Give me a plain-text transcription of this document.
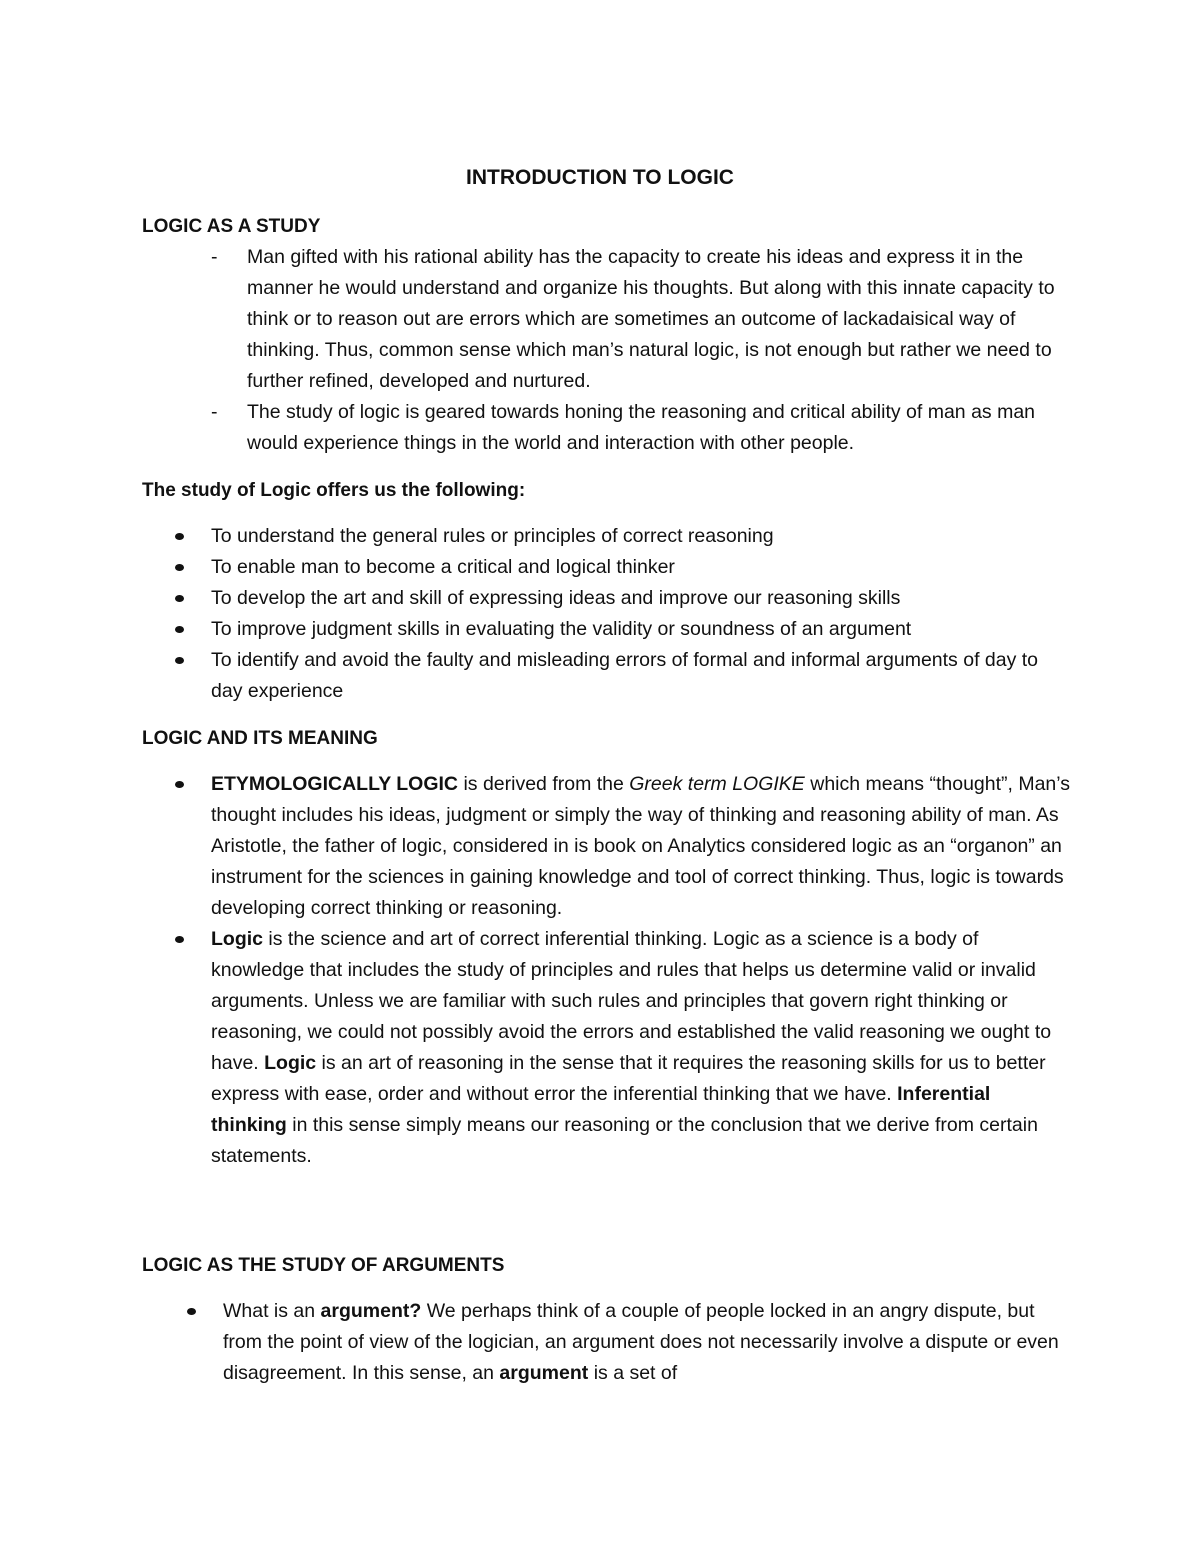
INTRODUCTION TO LOGIC
LOGIC AS A STUDY
-	Man gifted with his rational ability has the capacity to create his ideas and express it in the manner he would understand and organize his thoughts. But along with this innate capacity to think or to reason out are errors which are sometimes an outcome of lackadaisical way of thinking. Thus, common sense which man’s natural logic, is not enough but rather we need to further refined, developed and nurtured.
-	The study of logic is geared towards honing the reasoning and critical ability of man as man would experience things in the world and interaction with other people.
The study of Logic offers us the following:
To understand the general rules or principles of correct reasoning
To enable man to become a critical and logical thinker
To develop the art and skill of expressing ideas and improve our reasoning skills
To improve judgment skills in evaluating the validity or soundness of an argument
To identify and avoid the faulty and misleading errors of formal and informal arguments of day to day experience
LOGIC AND ITS MEANING
ETYMOLOGICALLY LOGIC is derived from the Greek term LOGIKE which means “thought”, Man’s thought includes his ideas, judgment or simply the way of thinking and reasoning ability of man. As Aristotle, the father of logic, considered in is book on Analytics considered logic as an “organon” an instrument for the sciences in gaining knowledge and tool of correct thinking. Thus, logic is towards developing correct thinking or reasoning.
Logic is the science and art of correct inferential thinking. Logic as a science is a body of knowledge that includes the study of principles and rules that helps us determine valid or invalid arguments. Unless we are familiar with such rules and principles that govern right thinking or reasoning, we could not possibly avoid the errors and established the valid reasoning we ought to have. Logic is an art of reasoning in the sense that it requires the reasoning skills for us to better express with ease, order and without error the inferential thinking that we have. Inferential thinking in this sense simply means our reasoning or the conclusion that we derive from certain statements.
LOGIC AS THE STUDY OF ARGUMENTS
What is an argument? We perhaps think of a couple of people locked in an angry dispute, but from the point of view of the logician, an argument does not necessarily involve a dispute or even disagreement. In this sense, an argument is a set of
